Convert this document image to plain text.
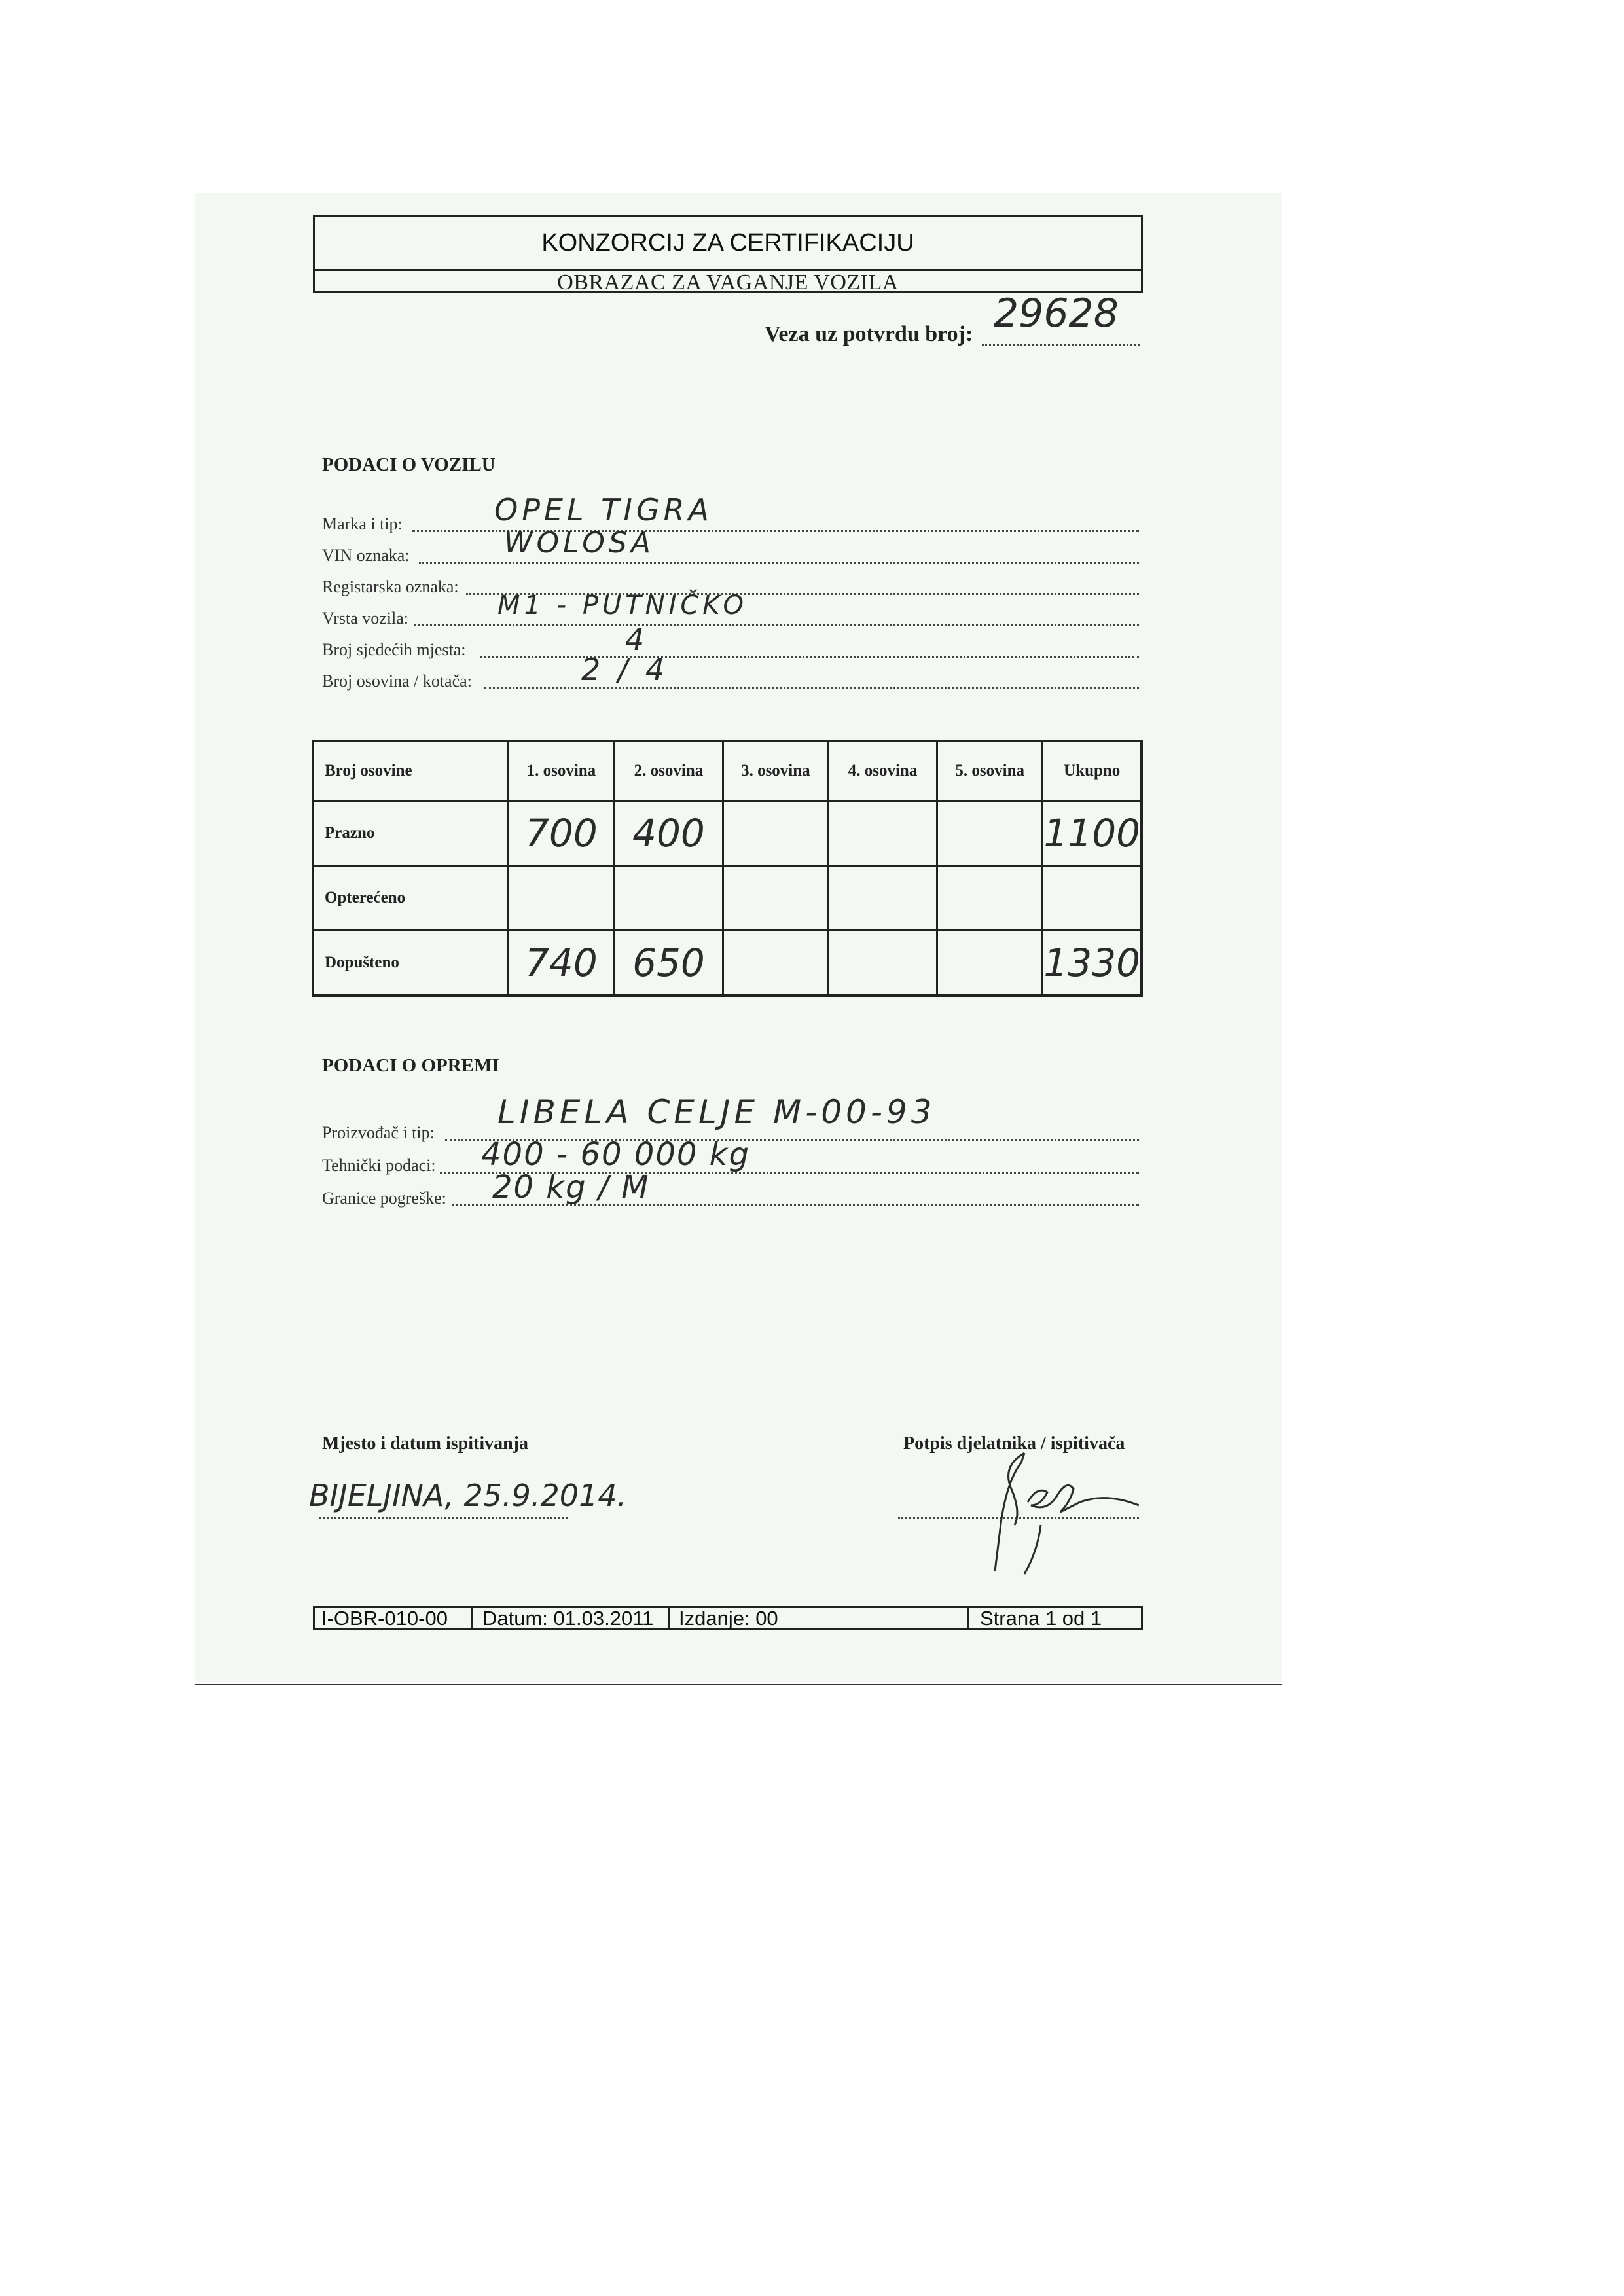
KONZORCIJ ZA CERTIFIKACIJU
OBRAZAC ZA VAGANJE VOZILA
Veza uz potvrdu broj: 29628
PODACI O VOZILU
Marka i tip:	OPEL TIGRA
VIN oznaka:	WOLOSA
Registarska oznaka:
Vrsta vozila:	M1 - PUTNIČKO
Broj sjedećih mjesta:	4
Broj osovina / kotača:	2 / 4
Broj osovine	1. osovina	2. osovina	3. osovina	4. osovina	5. osovina	Ukupno
Prazno	700	400				1100
Opterećeno						
Dopušteno	740	650				1330
PODACI O OPREMI
Proizvođač i tip:
LIBELA CELJE M-00-93
Tehnički podaci: 400 - 60 000 kg
Granice pogreške: 20 kg / M
Mjesto i datum ispitivanja
BIJELJINA, 25.9.2014.
Potpis djelatnika / ispitivača
I-OBR-010-00 Datum: 01.03.2011 Izdanje: 00	Strana 1 od 1
